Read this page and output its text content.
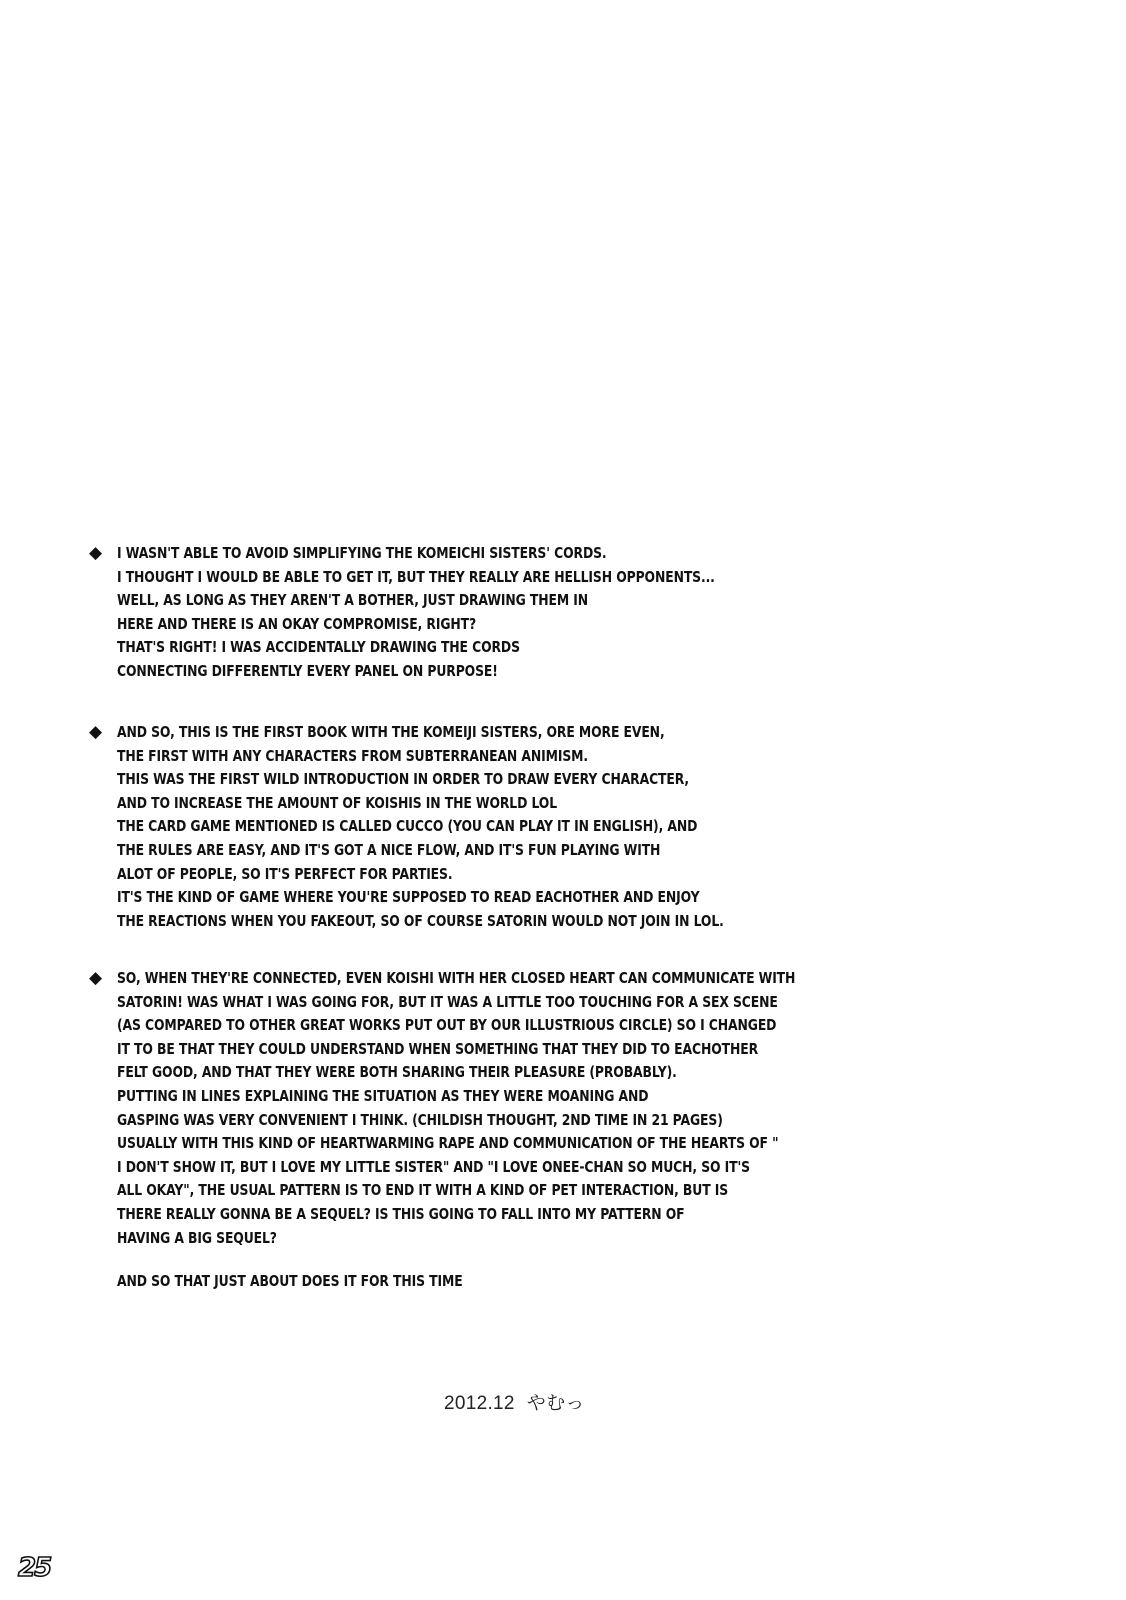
◆ I WASN'T ABLE TO AVOID SIMPLIFYING THE KOMEICHI SISTERS' CORDS.
I THOUGHT I WOULD BE ABLE TO GET IT, BUT THEY REALLY ARE HELLISH OPPONENTS...
WELL, AS LONG AS THEY AREN'T A BOTHER, JUST DRAWING THEM IN
HERE AND THERE IS AN OKAY COMPROMISE, RIGHT?
THAT'S RIGHT! I WAS ACCIDENTALLY DRAWING THE CORDS
CONNECTING DIFFERENTLY EVERY PANEL ON PURPOSE!
◆ AND SO, THIS IS THE FIRST BOOK WITH THE KOMEIJI SISTERS, ORE MORE EVEN,
THE FIRST WITH ANY CHARACTERS FROM SUBTERRANEAN ANIMISM.
THIS WAS THE FIRST WILD INTRODUCTION IN ORDER TO DRAW EVERY CHARACTER,
AND TO INCREASE THE AMOUNT OF KOISHIS IN THE WORLD LOL
THE CARD GAME MENTIONED IS CALLED CUCCO (YOU CAN PLAY IT IN ENGLISH), AND
THE RULES ARE EASY, AND IT'S GOT A NICE FLOW, AND IT'S FUN PLAYING WITH
ALOT OF PEOPLE, SO IT'S PERFECT FOR PARTIES.
IT'S THE KIND OF GAME WHERE YOU'RE SUPPOSED TO READ EACHOTHER AND ENJOY
THE REACTIONS WHEN YOU FAKEOUT, SO OF COURSE SATORIN WOULD NOT JOIN IN LOL.
◆ SO, WHEN THEY'RE CONNECTED, EVEN KOISHI WITH HER CLOSED HEART CAN COMMUNICATE WITH
SATORIN! WAS WHAT I WAS GOING FOR, BUT IT WAS A LITTLE TOO TOUCHING FOR A SEX SCENE
(AS COMPARED TO OTHER GREAT WORKS PUT OUT BY OUR ILLUSTRIOUS CIRCLE) SO I CHANGED
IT TO BE THAT THEY COULD UNDERSTAND WHEN SOMETHING THAT THEY DID TO EACHOTHER
FELT GOOD, AND THAT THEY WERE BOTH SHARING THEIR PLEASURE (PROBABLY).
PUTTING IN LINES EXPLAINING THE SITUATION AS THEY WERE MOANING AND
GASPING WAS VERY CONVENIENT I THINK. (CHILDISH THOUGHT, 2ND TIME IN 21 PAGES)
USUALLY WITH THIS KIND OF HEARTWARMING RAPE AND COMMUNICATION OF THE HEARTS OF "
I DON'T SHOW IT, BUT I LOVE MY LITTLE SISTER" AND "I LOVE ONEE-CHAN SO MUCH, SO IT'S
ALL OKAY", THE USUAL PATTERN IS TO END IT WITH A KIND OF PET INTERACTION, BUT IS
THERE REALLY GONNA BE A SEQUEL? IS THIS GOING TO FALL INTO MY PATTERN OF
HAVING A BIG SEQUEL?
AND SO THAT JUST ABOUT DOES IT FOR THIS TIME
2012.12 やむっ
25
